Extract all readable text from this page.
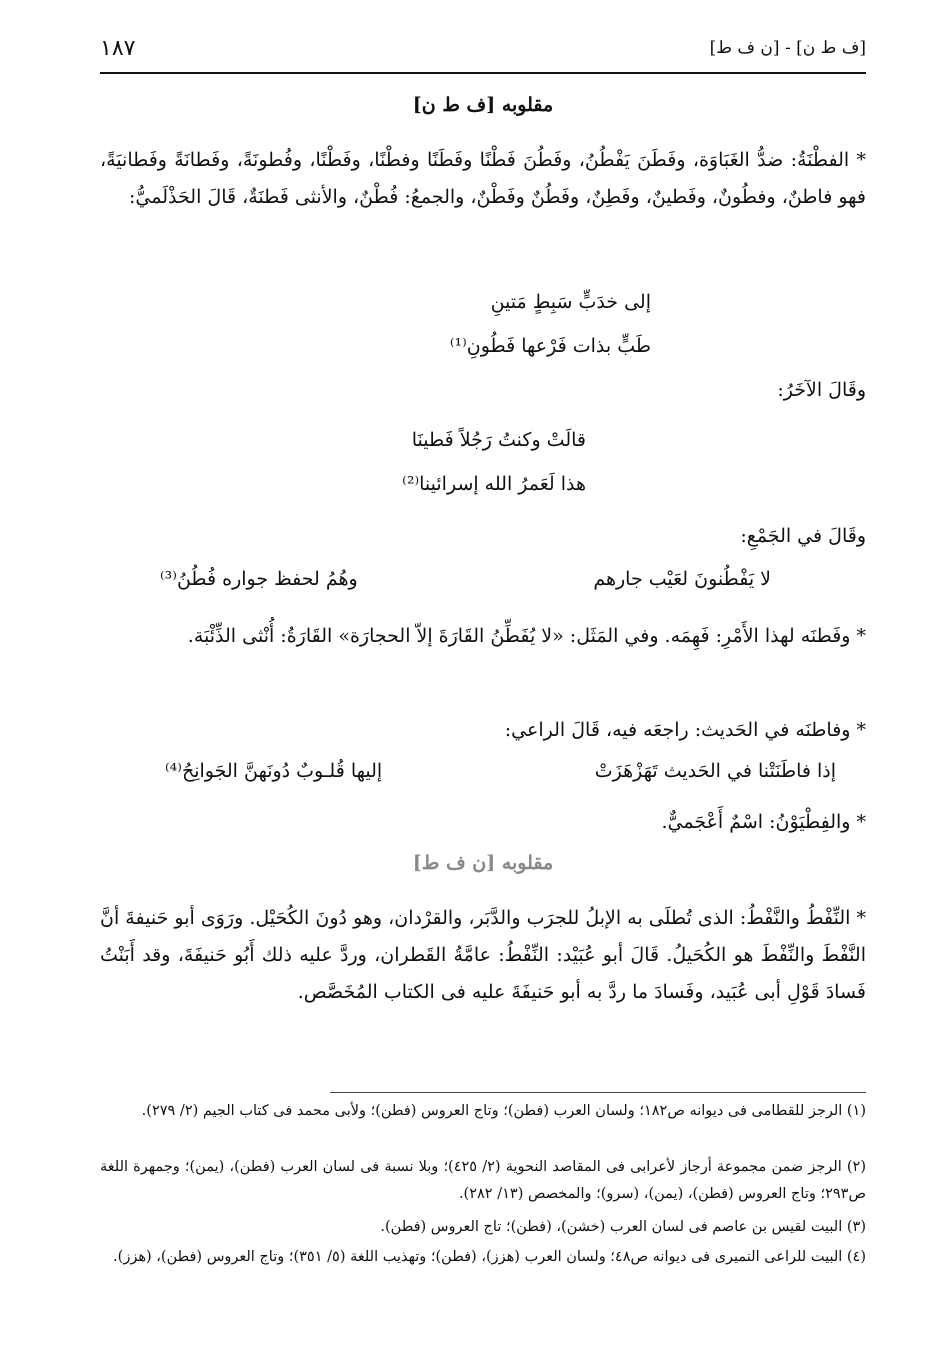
١٨٧	[ف ط ن] - [ن ف ط]
مقلوبه [ف ط ن]
* الفطْنَةُ: ضدُّ الغَبَاوَة، وفَطَنَ يَفْطُنُ، وفَطُنَ فَطْنًا وفَطَنًا وفطْنًا، وفَطْنًا، وفُطونَةً، وفَطانَةً وفَطانيَةً، فهو فاطنٌ، وفطُونٌ، وفَطينٌ، وفَطِنٌ، وفَطُنٌ وفَطْنٌ، والجمعُ: فُطْنٌ، والأنثى فَطنَةٌ، قَالَ الحَذْلَميُّ:
إلى خدَبٍّ سَبِطٍ مَتينِ
طَبٍّ بذات فَرْعها فَطُونِ⁽¹⁾
وقَالَ الآخَرُ:
قالَتْ وكنتُ رَجُلاً فَطينَا
هذا لَعَمرُ الله إسرائينا⁽²⁾
وقَالَ في الجَمْعِ:
لا يَفْطُنونَ لعَيْب جارهم
وهُمُ لحفظ جواره فُطُنُ⁽³⁾
* وفَطنَه لهذا الأَمْرِ: فَهِمَه. وفي المَثَل: «لا يُفَطِّنُ القَارَةَ إلاّ الحجارَة» القَارَةُ: أُنْثى الذِّئْبَة.
* وفاطنَه في الحَديث: راجعَه فيه، قَالَ الراعي:
إذا فاطَنَتْنا في الحَديث تَهَزْهَزَتْ
إليها قُلـوبٌ دُونَهنَّ الجَوانِحُ⁽⁴⁾
* والفِطْيَوْنُ: اسْمٌ أَعْجَميٌّ.
مقلوبه [ن ف ط]
* النِّفْطُ والنَّفْطُ: الذى تُطلَى به الإبلُ للجرَب والدَّبَر، والقرْدان، وهو دُونَ الكُحَيْل. ورَوَى أبو حَنيفةَ أنَّ النَّفْطَ والنِّفْطَ هو الكُحَيلُ. قَالَ أبو عُبَيْد: النِّفْطُ: عامَّةُ القَطران، وردَّ عليه ذلك أَبُو حَنيفَةَ، وقد أَبَنْتُ فَسادَ قَوْلِ أبى عُبَيد، وفَسادَ ما ردَّ به أبو حَنيفَةَ عليه فى الكتاب المُخَصَّص.
(١) الرجز للقطامى فى ديوانه ص١٨٢؛ ولسان العرب (فطن)؛ وتاج العروس (فطن)؛ ولأبى محمد فى كتاب الجيم (٢/ ٢٧٩).
(٢) الرجز ضمن مجموعة أرجاز لأعرابى فى المقاصد النحوية (٢/ ٤٢٥)؛ وبلا نسبة فى لسان العرب (فطن)، (يمن)؛ وجمهرة اللغة ص٢٩٣؛ وتاج العروس (فطن)، (يمن)، (سرو)؛ والمخصص (١٣/ ٢٨٢).
(٣) البيت لقيس بن عاصم فى لسان العرب (خشن)، (فطن)؛ تاج العروس (فطن).
(٤) البيت للراعى النميرى فى ديوانه ص٤٨؛ ولسان العرب (هزز)، (فطن)؛ وتهذيب اللغة (٥/ ٣٥١)؛ وتاج العروس (فطن)، (هزز).
